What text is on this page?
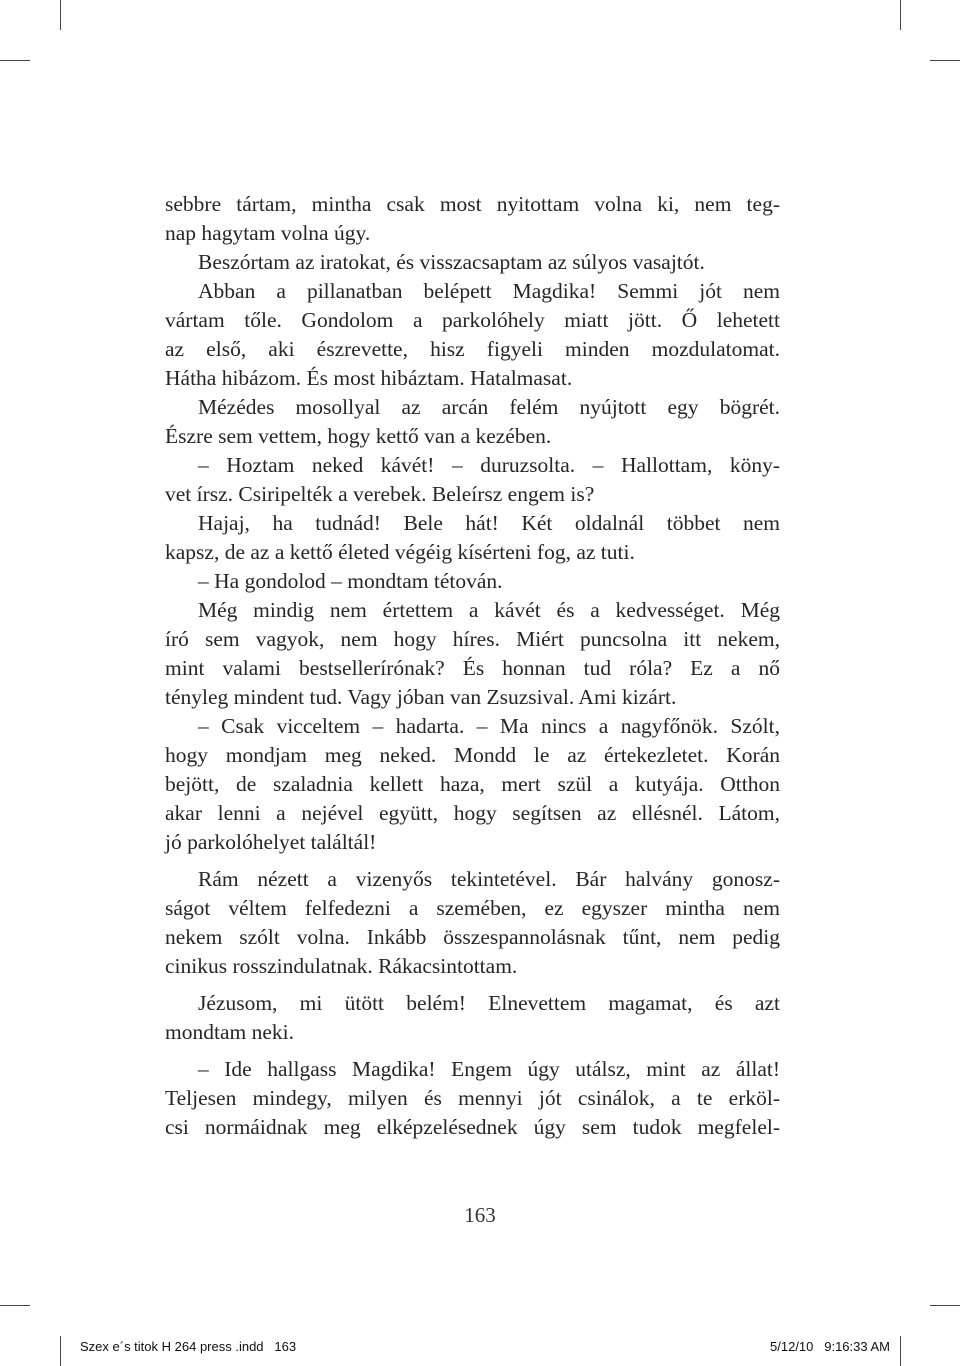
sebbre tártam, mintha csak most nyitottam volna ki, nem teg-
nap hagytam volna úgy.
Beszórtam az iratokat, és visszacsaptam az súlyos vasajtót.
Abban a pillanatban belépett Magdika! Semmi jót nem
vártam tőle. Gondolom a parkolóhely miatt jött. Ő lehetett
az első, aki észrevette, hisz figyeli minden mozdulatomat.
Hátha hibázom. És most hibáztam. Hatalmasat.
Mézédes mosollyal az arcán felém nyújtott egy bögrét.
Észre sem vettem, hogy kettő van a kezében.
– Hoztam neked kávét! – duruzsolta. – Hallottam, köny-
vet írsz. Csiripelték a verebek. Beleírsz engem is?
Hajaj, ha tudnád! Bele hát! Két oldalnál többet nem
kapsz, de az a kettő életed végéig kísérteni fog, az tuti.
– Ha gondolod – mondtam tétován.
Még mindig nem értettem a kávét és a kedvességet. Még
író sem vagyok, nem hogy híres. Miért puncsolna itt nekem,
mint valami bestsellerírónak? És honnan tud róla? Ez a nő
tényleg mindent tud. Vagy jóban van Zsuzsival. Ami kizárt.
– Csak vicceltem – hadarta. – Ma nincs a nagyfőnök. Szólt,
hogy mondjam meg neked. Mondd le az értekezletet. Korán
bejött, de szaladnia kellett haza, mert szül a kutyája. Otthon
akar lenni a nejével együtt, hogy segítsen az ellésnél. Látom,
jó parkolóhelyet találtál!
Rám nézett a vizenyős tekintetével. Bár halvány gonosz-
ságot véltem felfedezni a szemében, ez egyszer mintha nem
nekem szólt volna. Inkább összespannolásnak tűnt, nem pedig
cinikus rosszindulatnak. Rákacsintottam.
Jézusom, mi ütött belém! Elnevettem magamat, és azt
mondtam neki.
– Ide hallgass Magdika! Engem úgy utálsz, mint az állat!
Teljesen mindegy, milyen és mennyi jót csinálok, a te erköl-
csi normáidnak meg elképzelésednek úgy sem tudok megfelel-
163
Szex e´s titok H 264 press .indd   163	5/12/10   9:16:33 AM
